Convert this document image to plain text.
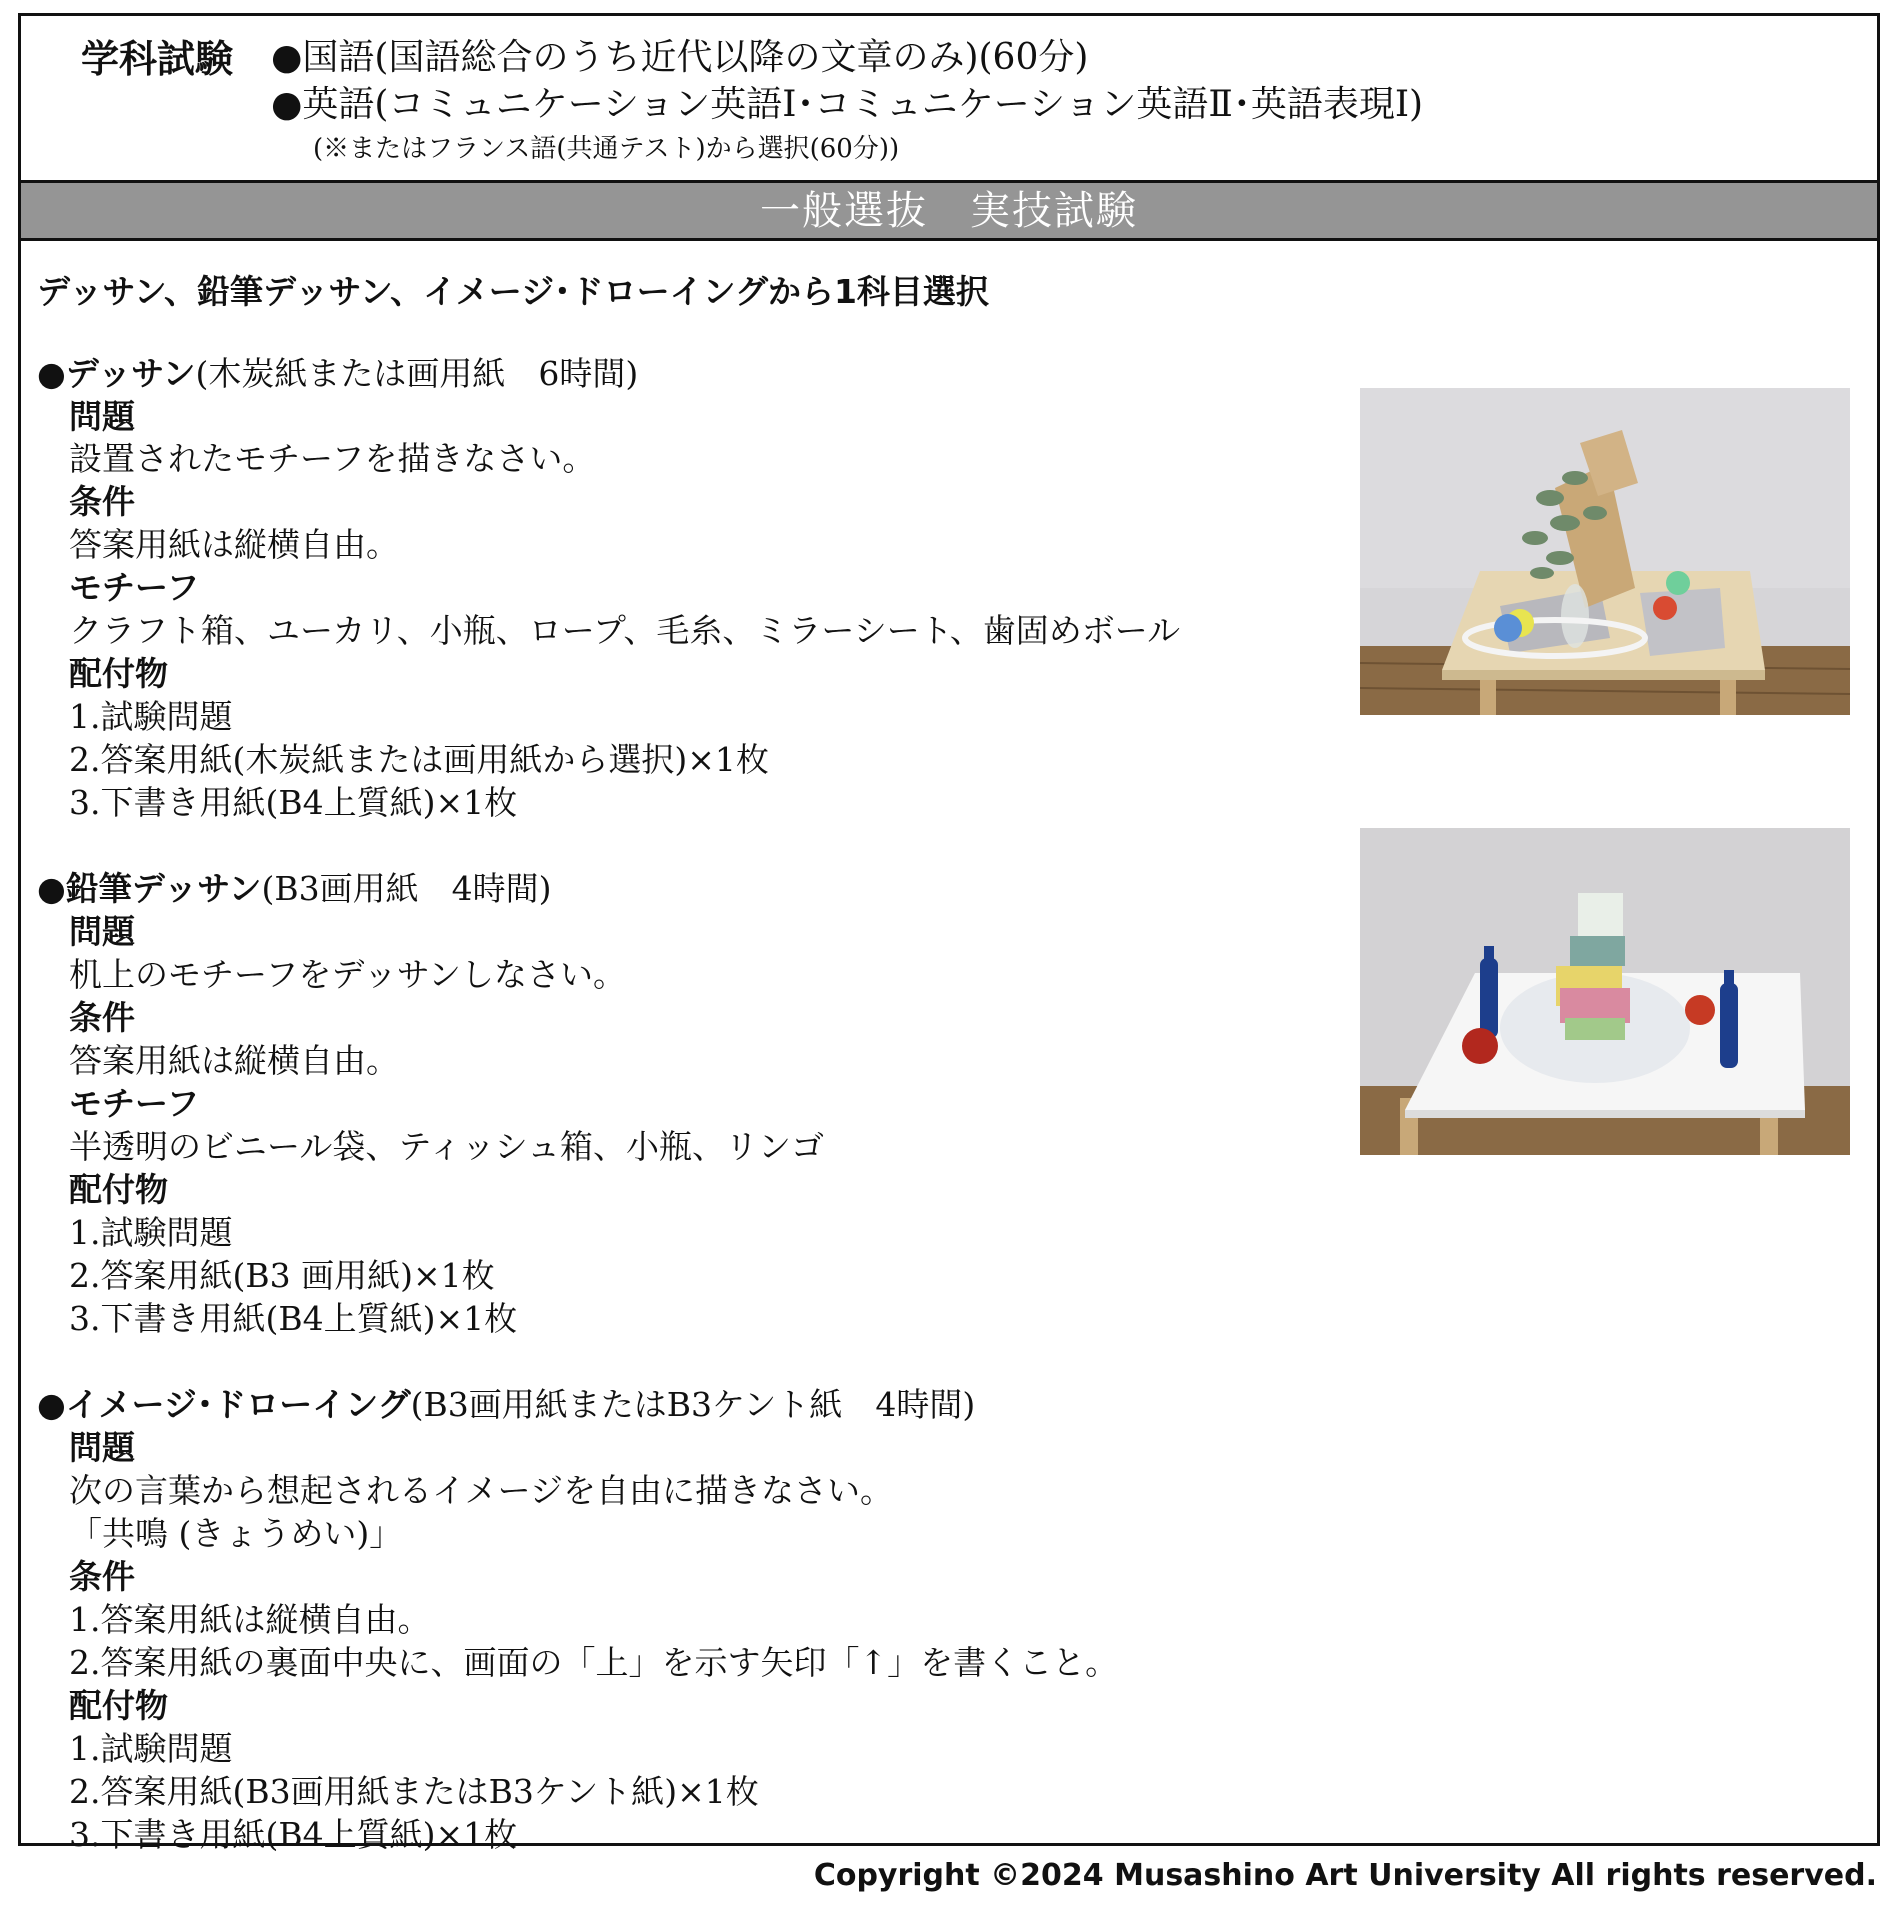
学科試験 ●国語(国語総合のうち近代以降の文章のみ)(60分)
●英語(コミュニケーション英語Ⅰ･コミュニケーション英語Ⅱ･英語表現Ⅰ)
(※またはフランス語(共通テスト)から選択(60分))
一般選抜　実技試験
デッサン、鉛筆デッサン、イメージ･ドローイングから1科目選択
●デッサン(木炭紙または画用紙　6時間)
問題
設置されたモチーフを描きなさい。
条件
答案用紙は縦横自由。
モチーフ
クラフト箱、ユーカリ、小瓶、ロープ、毛糸、ミラーシート、歯固めボール
配付物
1.試験問題
2.答案用紙(木炭紙または画用紙から選択)×1枚
3.下書き用紙(B4上質紙)×1枚
●鉛筆デッサン(B3画用紙　4時間)
問題
机上のモチーフをデッサンしなさい。
条件
答案用紙は縦横自由。
モチーフ
半透明のビニール袋、ティッシュ箱、小瓶、リンゴ
配付物
1.試験問題
2.答案用紙(B3 画用紙)×1枚
3.下書き用紙(B4上質紙)×1枚
●イメージ･ドローイング(B3画用紙またはB3ケント紙　4時間)
問題
次の言葉から想起されるイメージを自由に描きなさい。
「共鳴 (きょうめい)」
条件
1.答案用紙は縦横自由。
2.答案用紙の裏面中央に、画面の「上」を示す矢印「↑」を書くこと。
配付物
1.試験問題
2.答案用紙(B3画用紙またはB3ケント紙)×1枚
3.下書き用紙(B4上質紙)×1枚
Copyright ©2024 Musashino Art University All rights reserved.
